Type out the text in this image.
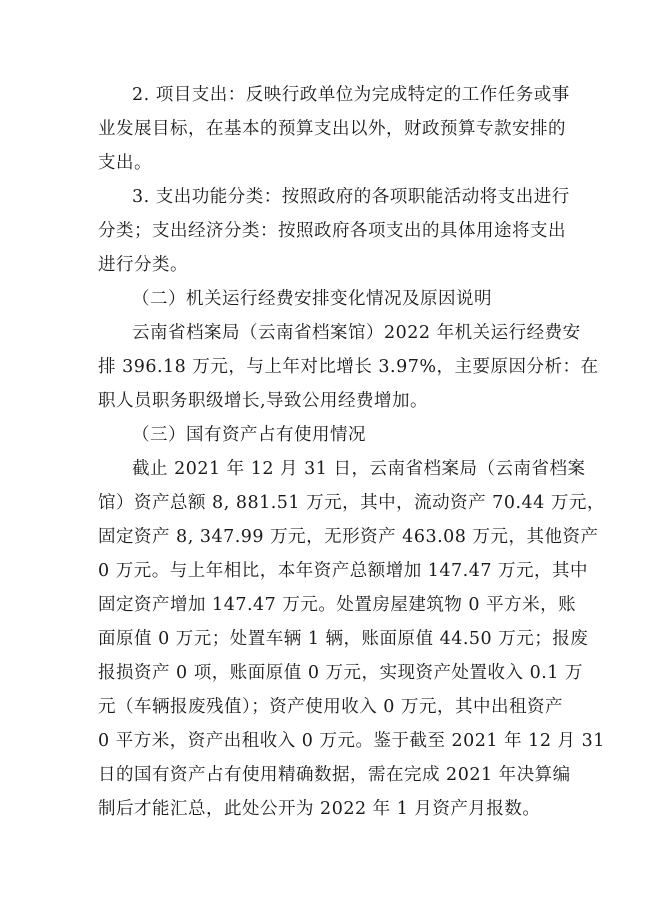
2. 项目支出：反映行政单位为完成特定的工作任务或事
业发展目标，在基本的预算支出以外，财政预算专款安排的
支出。
3. 支出功能分类：按照政府的各项职能活动将支出进行
分类；支出经济分类：按照政府各项支出的具体用途将支出
进行分类。
（二）机关运行经费安排变化情况及原因说明
云南省档案局（云南省档案馆）2022 年机关运行经费安
排 396.18 万元，与上年对比增长 3.97%，主要原因分析：在
职人员职务职级增长,导致公用经费增加。
（三）国有资产占有使用情况
截止 2021 年 12 月 31 日，云南省档案局（云南省档案
馆）资产总额 8, 881.51 万元，其中，流动资产 70.44 万元，
固定资产 8, 347.99 万元，无形资产 463.08 万元，其他资产
0 万元。与上年相比，本年资产总额增加 147.47 万元，其中
固定资产增加 147.47 万元。处置房屋建筑物 0 平方米，账
面原值 0 万元；处置车辆 1 辆，账面原值 44.50 万元；报废
报损资产 0 项，账面原值 0 万元，实现资产处置收入 0.1 万
元（车辆报废残值）；资产使用收入 0 万元，其中出租资产
0 平方米，资产出租收入 0 万元。鉴于截至 2021 年 12 月 31
日的国有资产占有使用精确数据，需在完成 2021 年决算编
制后才能汇总，此处公开为 2022 年 1 月资产月报数。
